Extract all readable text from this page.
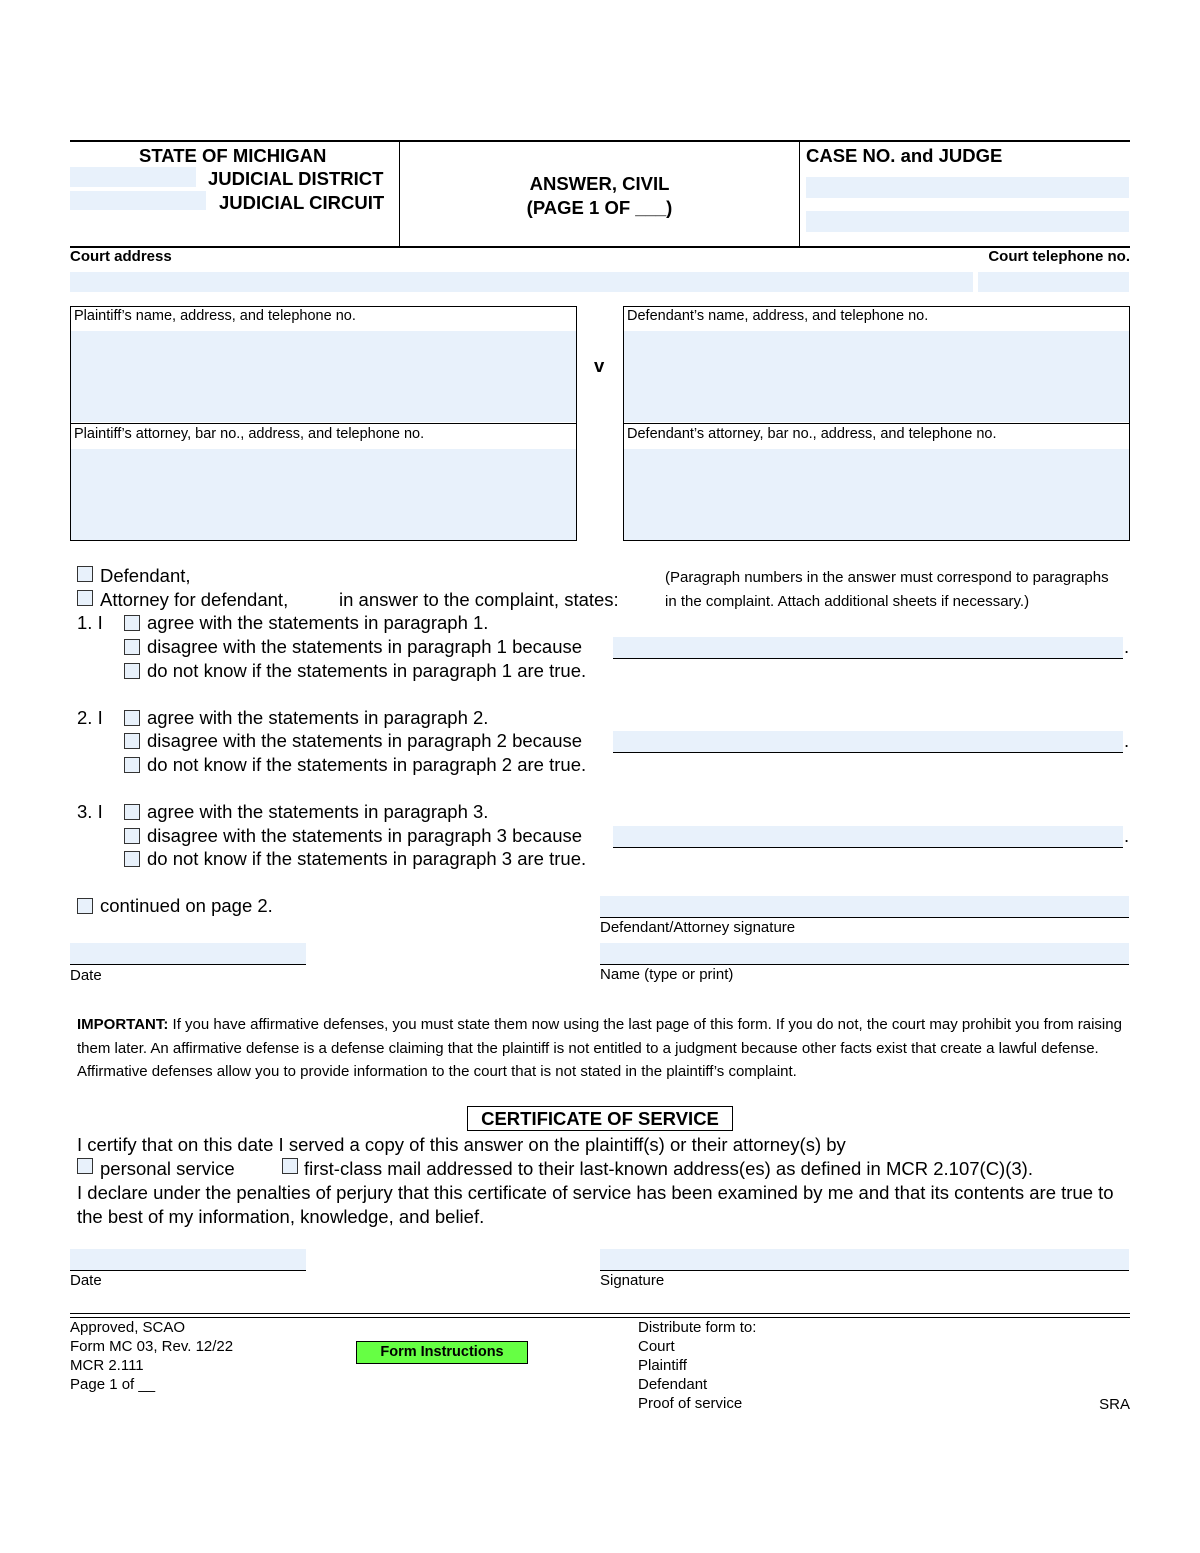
STATE OF MICHIGAN
JUDICIAL DISTRICT
JUDICIAL CIRCUIT
ANSWER, CIVIL
(PAGE 1 OF ___)
CASE NO. and JUDGE
Court address	Court telephone no.
Plaintiff’s name, address, and telephone no.
Plaintiff’s attorney, bar no., address, and telephone no.
v
Defendant’s name, address, and telephone no.
Defendant’s attorney, bar no., address, and telephone no.
Defendant,
Attorney for defendant,	in answer to the complaint, states:
(Paragraph numbers in the answer must correspond to paragraphs
in the complaint. Attach additional sheets if necessary.)
1. I agree with the statements in paragraph 1.
disagree with the statements in paragraph 1 because	.
do not know if the statements in paragraph 1 are true.
2. I agree with the statements in paragraph 2.
disagree with the statements in paragraph 2 because	.
do not know if the statements in paragraph 2 are true.
3. I agree with the statements in paragraph 3.
disagree with the statements in paragraph 3 because	.
do not know if the statements in paragraph 3 are true.
continued on page 2.
Defendant/Attorney signature
Date	Name (type or print)
IMPORTANT: If you have affirmative defenses, you must state them now using the last page of this form. If you do not, the court may prohibit you from raising them later. An affirmative defense is a defense claiming that the plaintiff is not entitled to a judgment because other facts exist that create a lawful defense. Affirmative defenses allow you to provide information to the court that is not stated in the plaintiff’s complaint.
CERTIFICATE OF SERVICE
I certify that on this date I served a copy of this answer on the plaintiff(s) or their attorney(s) by
personal service	first-class mail addressed to their last-known address(es) as defined in MCR 2.107(C)(3).
I declare under the penalties of perjury that this certificate of service has been examined by me and that its contents are true to the best of my information, knowledge, and belief.
Date	Signature
Approved, SCAO
Form MC 03, Rev. 12/22
MCR 2.111
Page 1 of __
Form Instructions
Distribute form to:
Court
Plaintiff
Defendant
Proof of service	SRA
